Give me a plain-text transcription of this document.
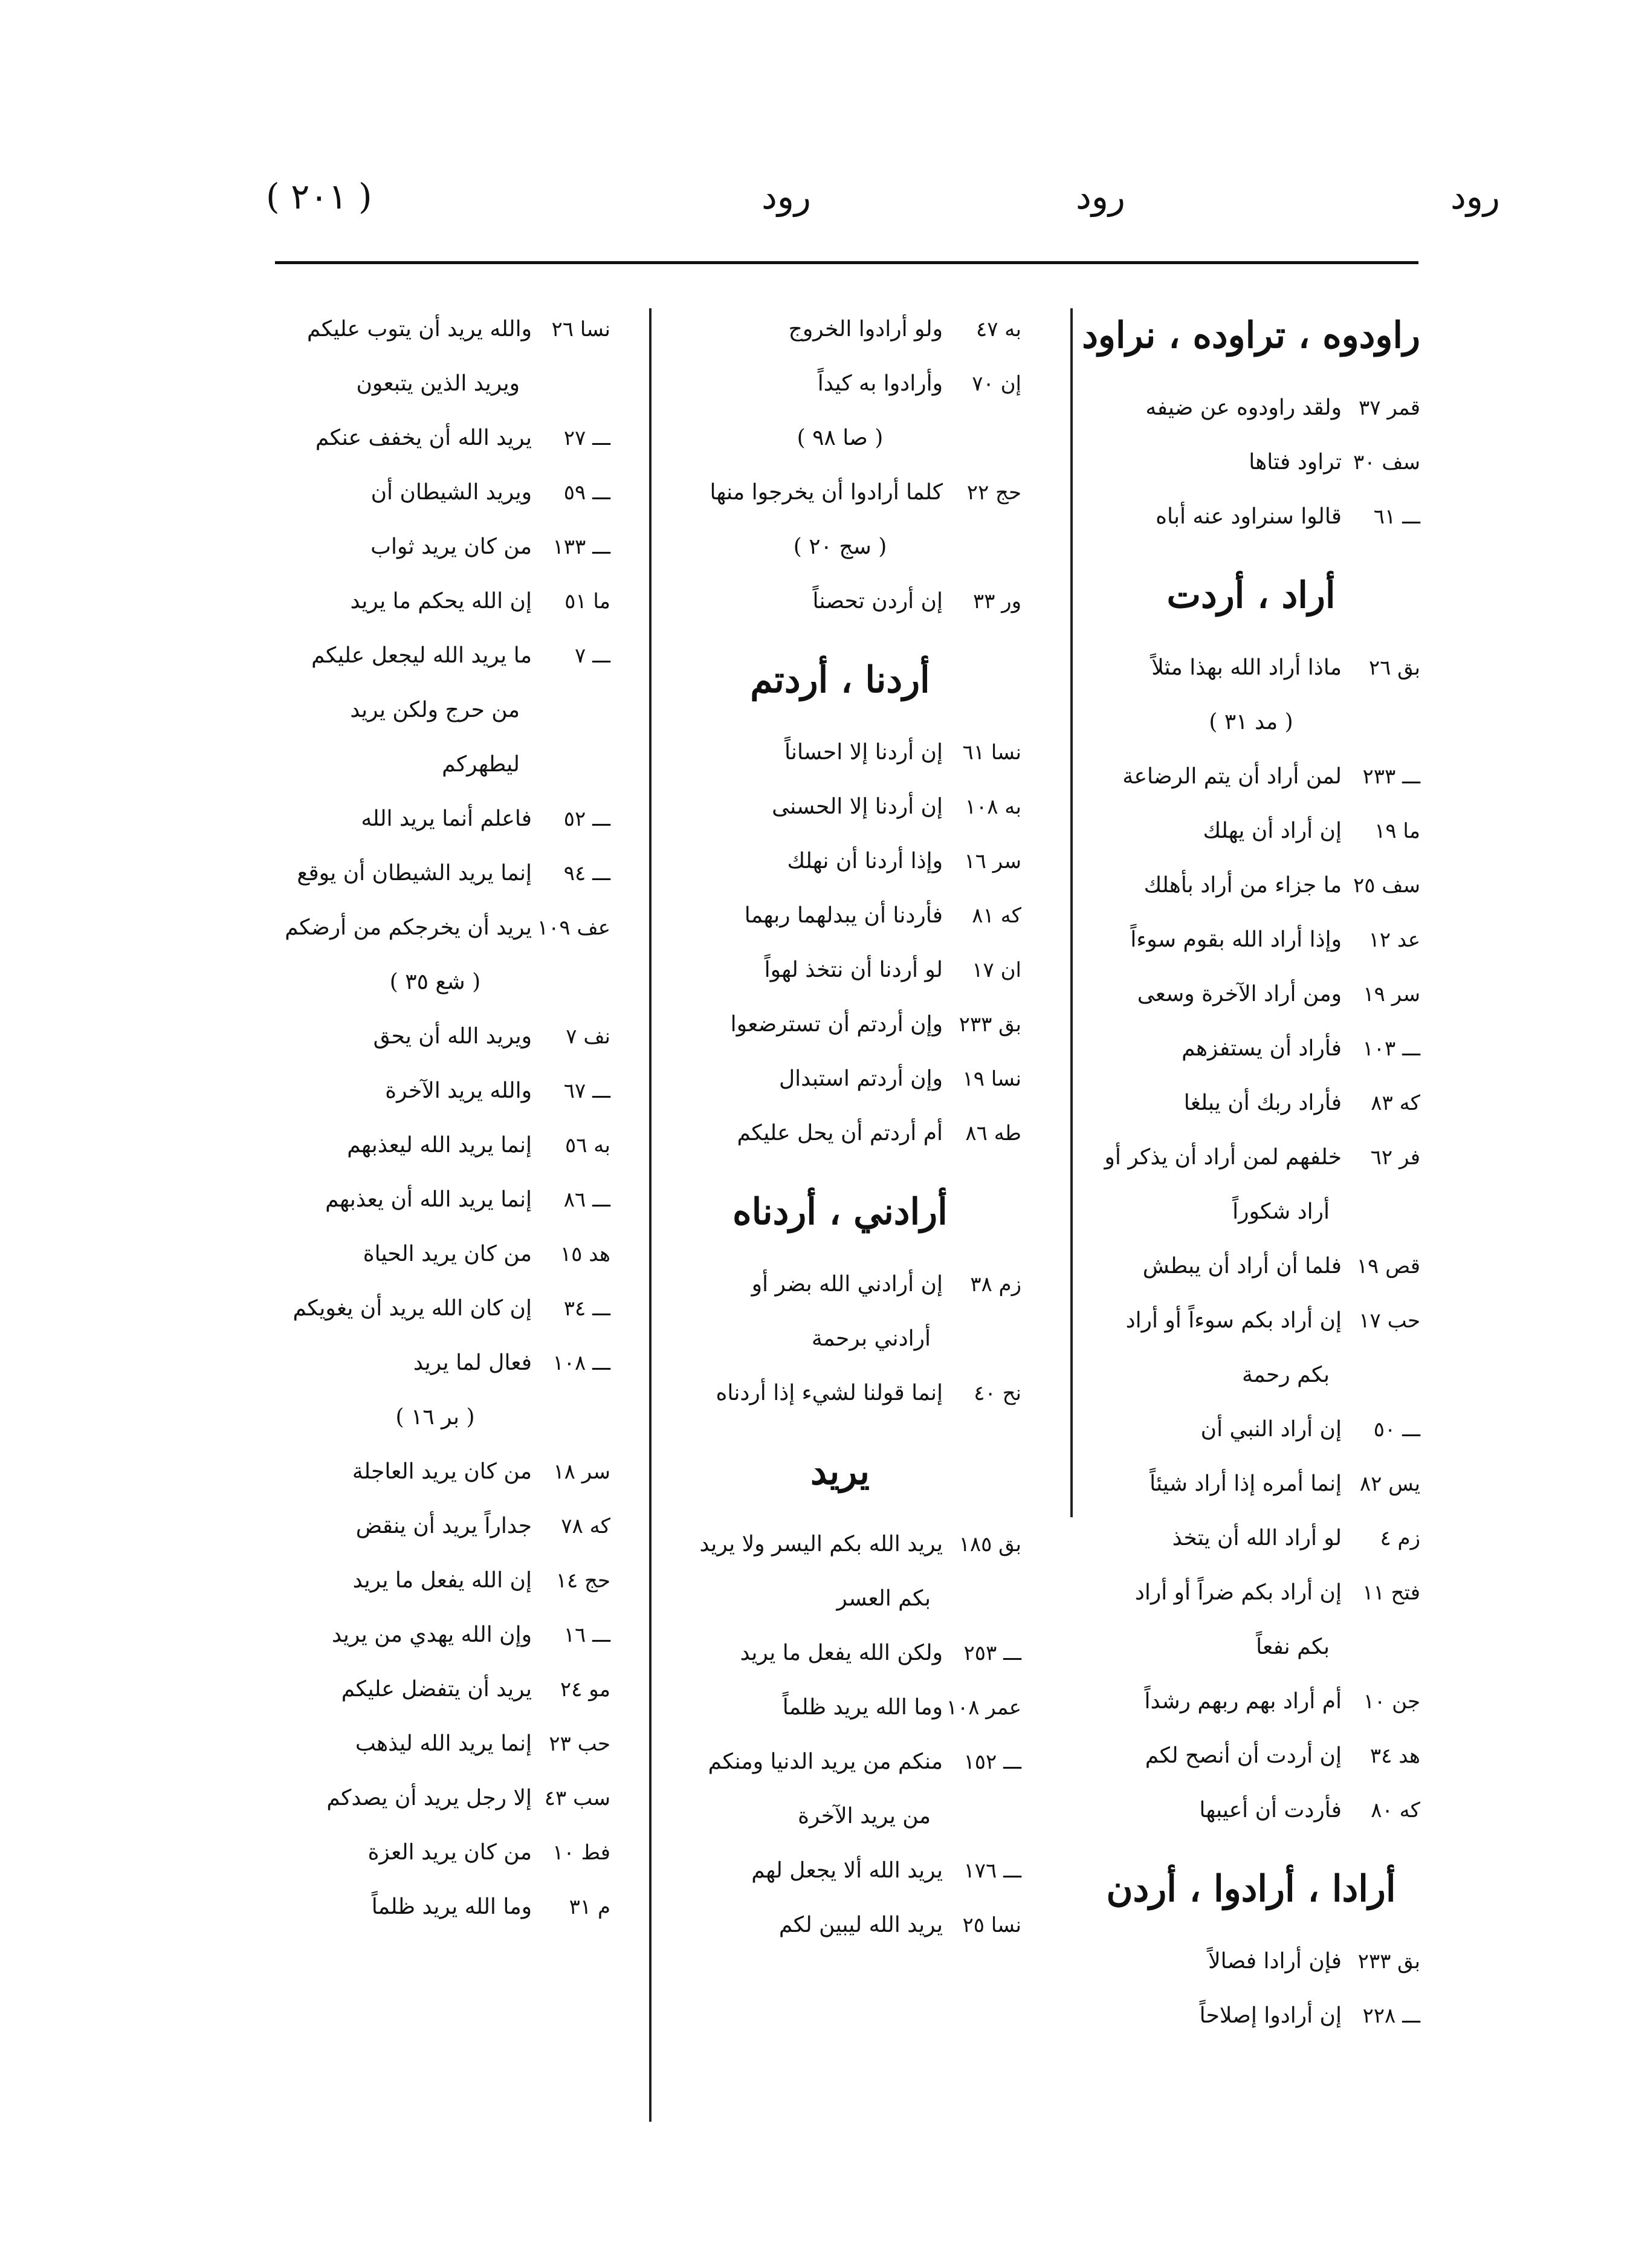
رود
رود
رود
( ٢٠١ )
راودوه ، تراوده ، نراود
قمر ٣٧
ولقد راودوه عن ضيفه
سف ٣٠
تراود فتاها
ـــ ٦١
قالوا سنراود عنه أباه
أراد ، أردت
بق ٢٦
ماذا أراد الله بهذا مثلاً
( مد ٣١ )
ـــ ٢٣٣
لمن أراد أن يتم الرضاعة
ما ١٩
إن أراد أن يهلك
سف ٢٥
ما جزاء من أراد بأهلك
عد ١٢
وإذا أراد الله بقوم سوءاً
سر ١٩
ومن أراد الآخرة وسعى
ـــ ١٠٣
فأراد أن يستفزهم
كه ٨٣
فأراد ربك أن يبلغا
فر ٦٢
خلفهم لمن أراد أن يذكر أو
أراد شكوراً
قص ١٩
فلما أن أراد أن يبطش
حب ١٧
إن أراد بكم سوءاً أو أراد
بكم رحمة
ـــ ٥٠
إن أراد النبي أن
يس ٨٢
إنما أمره إذا أراد شيئاً
زم ٤
لو أراد الله أن يتخذ
فتح ١١
إن أراد بكم ضراً أو أراد
بكم نفعاً
جن ١٠
أم أراد بهم ربهم رشداً
هد ٣٤
إن أردت أن أنصح لكم
كه ٨٠
فأردت أن أعيبها
أرادا ، أرادوا ، أردن
بق ٢٣٣
فإن أرادا فصالاً
ـــ ٢٢٨
إن أرادوا إصلاحاً
به ٤٧
ولو أرادوا الخروج
إن ٧٠
وأرادوا به كيداً
( صا ٩٨ )
حج ٢٢
كلما أرادوا أن يخرجوا منها
( سج ٢٠ )
ور ٣٣
إن أردن تحصناً
أردنا ، أردتم
نسا ٦١
إن أردنا إلا احساناً
به ١٠٨
إن أردنا إلا الحسنى
سر ١٦
وإذا أردنا أن نهلك
كه ٨١
فأردنا أن يبدلهما ربهما
ان ١٧
لو أردنا أن نتخذ لهواً
بق ٢٣٣
وإن أردتم أن تسترضعوا
نسا ١٩
وإن أردتم استبدال
طه ٨٦
أم أردتم أن يحل عليكم
أرادني ، أردناه
زم ٣٨
إن أرادني الله بضر أو
أرادني برحمة
نح ٤٠
إنما قولنا لشيء إذا أردناه
يريد
بق ١٨٥
يريد الله بكم اليسر ولا يريد
بكم العسر
ـــ ٢٥٣
ولكن الله يفعل ما يريد
عمر ١٠٨
وما الله يريد ظلماً
ـــ ١٥٢
منكم من يريد الدنيا ومنكم
من يريد الآخرة
ـــ ١٧٦
يريد الله ألا يجعل لهم
نسا ٢٥
يريد الله ليبين لكم
نسا ٢٦
والله يريد أن يتوب عليكم
ويريد الذين يتبعون
ـــ ٢٧
يريد الله أن يخفف عنكم
ـــ ٥٩
ويريد الشيطان أن
ـــ ١٣٣
من كان يريد ثواب
ما ٥١
إن الله يحكم ما يريد
ـــ ٧
ما يريد الله ليجعل عليكم
من حرج ولكن يريد
ليطهركم
ـــ ٥٢
فاعلم أنما يريد الله
ـــ ٩٤
إنما يريد الشيطان أن يوقع
عف ١٠٩
يريد أن يخرجكم من أرضكم
( شع ٣٥ )
نف ٧
ويريد الله أن يحق
ـــ ٦٧
والله يريد الآخرة
به ٥٦
إنما يريد الله ليعذبهم
ـــ ٨٦
إنما يريد الله أن يعذبهم
هد ١٥
من كان يريد الحياة
ـــ ٣٤
إن كان الله يريد أن يغويكم
ـــ ١٠٨
فعال لما يريد
( بر ١٦ )
سر ١٨
من كان يريد العاجلة
كه ٧٨
جداراً يريد أن ينقض
حج ١٤
إن الله يفعل ما يريد
ـــ ١٦
وإن الله يهدي من يريد
مو ٢٤
يريد أن يتفضل عليكم
حب ٢٣
إنما يريد الله ليذهب
سب ٤٣
إلا رجل يريد أن يصدكم
فط ١٠
من كان يريد العزة
م ٣١
وما الله يريد ظلماً
